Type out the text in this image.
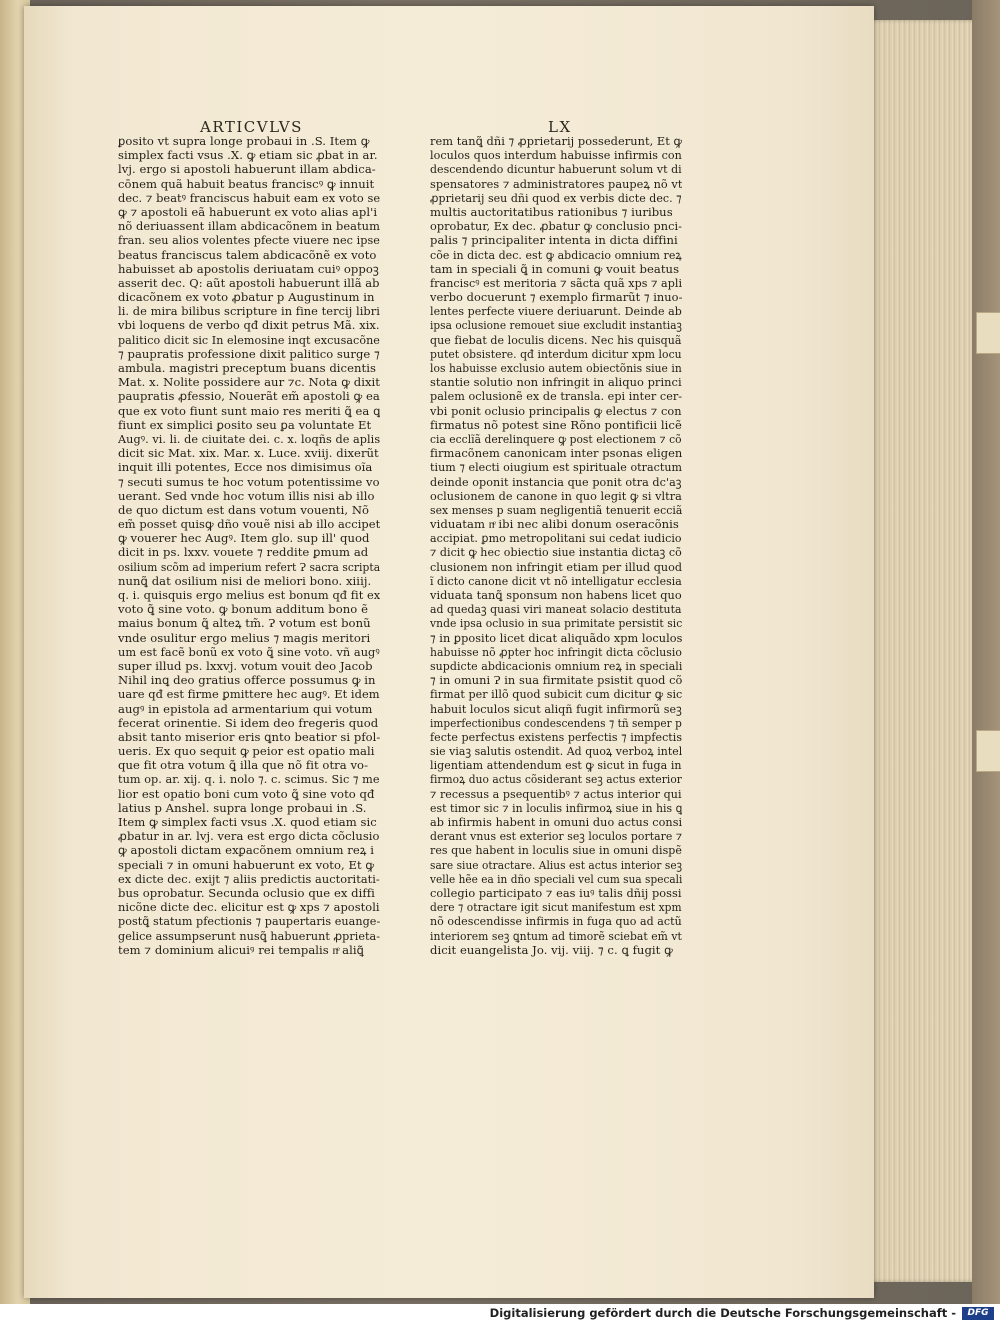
ARTICVLVS	LX
ꝑosito vt supra longe probaui in .S. Item ꝙ
simplex facti vsus .X. ꝙ etiam sic ꝓbat in ar.
lvj. ergo si apostoli habuerunt illam abdica-
cōnem quã habuit beatus franciscꝰ ꝙ innuit
dec. ⁊ beatꝰ franciscus habuit eam ex voto se
ꝙ ⁊ apostoli eã habuerunt ex voto alias apl'i
nõ deriuassent illam abdicacõnem in beatum
fran. seu alios volentes pfecte viuere nec ipse
beatus franciscus talem abdicacõnẽ ex voto
habuisset ab apostolis deriuatam cuiꝰ oppoꝫ
asserit dec. Q: aũt apostoli habuerunt illã ab
dicacõnem ex voto ꝓbatur p Augustinum in
li. de mira bilibus scripture in fine tercij libri
vbi loquens de verbo qđ dixit petrus Mã. xix.
palitico dicit sic In elemosine inqt excusacõne
⁊ paupratis professione dixit palitico surge ⁊
ambula. magistri preceptum buans dicentis
Mat. x. Nolite possidere aur ⁊c. Nota ꝙ dixit
paupratis ꝓfessio, Nouerãt em̃ apostoli ꝙ ea
que ex voto fiunt sunt maio res meriti ꝗ̃ ea ꝗ
fiunt ex simplici ꝑosito seu ꝑa voluntate Et
Augꝰ. vi. li. de ciuitate dei. c. x. loqñs de aplis
dicit sic Mat. xix. Mar. x. Luce. xviij. dixerũt
inquit illi potentes, Ecce nos dimisimus oĩa
⁊ secuti sumus te hoc votum potentissime vo
uerant. Sed vnde hoc votum illis nisi ab illo
de quo dictum est dans votum vouenti, Nõ
em̃ posset quisꝙ dño vouẽ nisi ab illo accipet
ꝙ vouerer hec Augꝰ. Item glo. sup ill' quod
dicit in ps. lxxv. vouete ⁊ reddite ꝑmum ad
osilium scõm ad imperium refert Ɂ sacra scripta
nunꝗ̃ dat osilium nisi de meliori bono. xiiij.
q. i. quisquis ergo melius est bonum qđ fit ex
voto ꝗ̃ sine voto. ꝙ bonum additum bono ẽ
maius bonum ꝗ̃ alteꝝ tm̃. Ɂ votum est bonũ
vnde osulitur ergo melius ⁊ magis meritori
um est facẽ bonũ ex voto ꝗ̃ sine voto. vñ augꝰ
super illud ps. lxxvj. votum vouit deo Jacob
Nihil inꝗ deo gratius offerce possumus ꝙ in
uare qđ est firme ꝑmittere hec augꝰ. Et idem
augꝰ in epistola ad armentarium qui votum
fecerat orinentie. Si idem deo fregeris quod
absit tanto miserior eris ꝗnto beatior si pfol-
ueris. Ex quo sequit ꝙ peior est opatio mali
que fit otra votum ꝗ̃ illa que nõ fit otra vo-
tum op. ar. xij. q. i. nolo ⁊. c. scimus. Sic ⁊ me
lior est opatio boni cum voto ꝗ̃ sine voto qđ
latius p Anshel. supra longe probaui in .S.
Item ꝙ simplex facti vsus .X. quod etiam sic
ꝓbatur in ar. lvj. vera est ergo dicta cõclusio
ꝙ apostoli dictam exꝑacõnem omnium reꝝ i
speciali ⁊ in omuni habuerunt ex voto, Et ꝙ
ex dicte dec. exijt ⁊ aliis predictis auctoritati-
bus oprobatur. Secunda oclusio que ex diffi
nicõne dicte dec. elicitur est ꝙ xps ⁊ apostoli
postꝗ̃ statum pfectionis ⁊ paupertaris euange-
gelice assumpserunt nusꝗ̃ habuerunt ꝓprieta-
tem ⁊ dominium alicuiꝰ rei tempalis nͤ aliꝗ̃
rem tanꝗ̃ dñi ⁊ ꝓprietarij possederunt, Et ꝙ
loculos quos interdum habuisse infirmis con
descendendo dicuntur habuerunt solum vt di
spensatores ⁊ administratores paupeꝝ nõ vt
ꝓprietarij seu dñi quod ex verbis dicte dec. ⁊
multis auctoritatibus rationibus ⁊ iuribus
oprobatur, Ex dec. ꝓbatur ꝙ conclusio pnci-
palis ⁊ principaliter intenta in dicta diffini
cõe in dicta dec. est ꝙ abdicacio omnium reꝝ
tam in speciali ꝗ̃ in comuni ꝙ vouit beatus
franciscꝰ est meritoria ⁊ sãcta quã xps ⁊ apli
verbo docuerunt ⁊ exemplo firmarũt ⁊ inuo-
lentes perfecte viuere deriuarunt. Deinde ab
ipsa oclusione remouet siue excludit instantiaꝫ
que fiebat de loculis dicens. Nec his quisquã
putet obsistere. qđ interdum dicitur xpm locu
los habuisse exclusio autem obiectõnis siue in
stantie solutio non infringit in aliquo princi
palem oclusionẽ ex de transla. epi inter cer-
vbi ponit oclusio principalis ꝙ electus ⁊ con
firmatus nõ potest sine Rõno pontificii licẽ
cia ecclĩã derelinquere ꝙ post electionem ⁊ cõ
firmacõnem canonicam inter psonas eligen
tium ⁊ electi oiugium est spirituale otractum
deinde oponit instancia que ponit otra dc'aꝫ
oclusionem de canone in quo legit ꝙ si vltra
sex menses p suam negligentiã tenuerit ecciã
viduatam nͤ ibi nec alibi donum oseracõnis
accipiat. ꝑmo metropolitani sui cedat iudicio
⁊ dicit ꝙ hec obiectio siue instantia dictaꝫ cõ
clusionem non infringit etiam per illud quod
ĩ dicto canone dicit vt nõ intelligatur ecclesia
viduata tanꝗ̃ sponsum non habens licet quo
ad quedaꝫ quasi viri maneat solacio destituta
vnde ipsa oclusio in sua primitate persistit sic
⁊ in ꝑposito licet dicat aliquãdo xpm loculos
habuisse nõ ꝓpter hoc infringit dicta cõclusio
supdicte abdicacionis omnium reꝝ in speciali
⁊ in omuni Ɂ in sua firmitate psistit quod cõ
firmat per illõ quod subicit cum dicitur ꝙ sic
habuit loculos sicut aliqñ fugit infirmorũ seꝫ
imperfectionibus condescendens ⁊ tñ semper p
fecte perfectus existens perfectis ⁊ impfectis
sie viaꝫ salutis ostendit. Ad quoꝝ verboꝝ intel
ligentiam attendendum est ꝙ sicut in fuga in
firmoꝝ duo actus cõsiderant seꝫ actus exterior
⁊ recessus a psequentibꝰ ⁊ actus interior qui
est timor sic ⁊ in loculis infirmoꝝ siue in his ꝗ
ab infirmis habent in omuni duo actus consi
derant vnus est exterior seꝫ loculos portare ⁊
res que habent in loculis siue in omuni dispẽ
sare siue otractare. Alius est actus interior seꝫ
velle hẽe ea in dño speciali vel cum sua specali
collegio participato ⁊ eas iuꝰ talis dñij possi
dere ⁊ otractare igit sicut manifestum est xpm
nõ odescendisse infirmis in fuga quo ad actũ
interiorem seꝫ ꝗntum ad timorẽ sciebat em̃ vt
dicit euangelista Jo. vij. viij. ⁊ c. ꝗ fugit ꝙ
Digitalisierung gefördert durch die Deutsche Forschungsgemeinschaft -	DFG
